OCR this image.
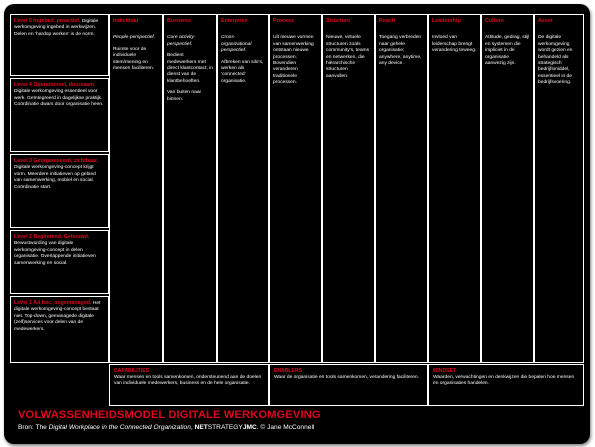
Level 5 Ingebed, proactief. Digitale werkomgeving ingebed in werkwijzen. Delen en ‘hardop werken’ is de norm.
Level 4 Operationeel, duurzaam. Digitale werkomgeving essentieel voor werk. Geïntegreerd in dagelijkse praktijk. Coördinatie dwars door organisatie heen.
Level 3 Georganiseerd, zichtbaar. Digitale werkomgeving-concept krijgt vorm. Meerdere initiatieven op gebied van samenwerking, mobiel en social. Coördinatie start.
Level 2 Beginnend, Gebouwd. Bewustwording van digitale werkomgeving-concept in delen organisatie. Overlappende initiatieven samenwerking en social.
Level 1 Ad hoc, ongemanaged. Het digitale werkomgeving-concept bestaat niet. Top-down, gemanagede digitale (zelf)services voor delen van de medewerkers.
Individual
People-perspectief.
Ruimte voor de individuele stem/mening en mensen faciliteren.
Business
Core activity-perspectief.
Bedient medewerkers met direct klantcontact; in dienst van de klantbehoeften.
Van buiten naar binnen.
Enterprise
Cross-organizational perspectief.
Afbreken van silo's, werken als ‘connected’ organisatie.
Process
Uit nieuwe vormen van samenwerking ontstaan nieuwe processen. Bovendien veranderen traditionele processen.
Structure
Nieuwe, virtuele structuren zoals community's, teams en netwerken, die hiërarchische structuren aanvullen.
Reach
Toegang verbreden naar gehele organisatie; anywhere, anytime, any device.
Leadership
Invloed van leiderschap brengt verandering teweeg.
Culture
Attitude, gedrag, stijl en systemen die impliciet in de organisatie aanwezig zijn.
Asset
De digitale werkomgeving wordt gezien en behandeld als strategisch bedrijfsmiddel, essentieel in de bedrijfsvoering.
CAPABILITIES
Waar mensen en tools samenkomen, ondersteunend aan de doelen van individuele medewerkers, business en de hele organisatie.
ENABLERS
Waar de organisatie en tools samenkomen, verandering faciliteren.
MINDSET
Waarden, verwachtingen en denkwijzen die bepalen hoe mensen en organisaties handelen.
VOLWASSENHEIDSMODEL DIGITALE WERKOMGEVING
Bron: The Digital Workplace in the Connected Organization, NETSTRATEGYJMC. © Jane McConnell
